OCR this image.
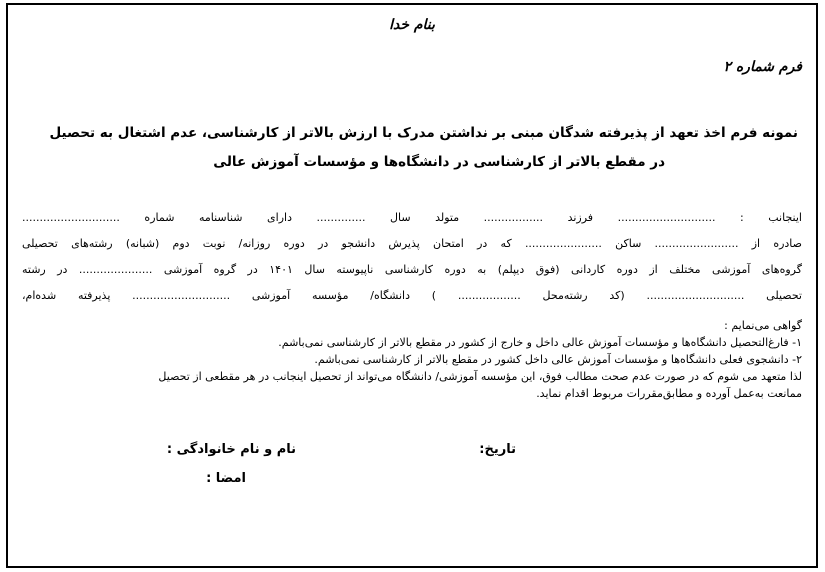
بنام خدا
فرم شماره ۲
نمونه فرم اخذ تعهد از پذیرفته شدگان مبنی بر نداشتن مدرک با ارزش بالاتر از کارشناسی، عدم اشتغال به تحصیل
در مقطع بالاتر از کارشناسی در دانشگاه‌ها و مؤسسات آموزش عالی
اینجانب : ............................ فرزند ................. متولد سال .............. دارای شناسنامه شماره ............................
صادره از ........................ ساکن ...................... که در امتحان پذیرش دانشجو در دوره روزانه/ نوبت دوم (شبانه) رشته‌های تحصیلی
گروه‌های آموزشی مختلف از دوره کاردانی (فوق دیپلم) به دوره کارشناسی ناپیوسته سال ۱۴۰۱ در گروه آموزشی ..................... در رشته
تحصیلی ............................ (کد رشته‌محل .................. ) دانشگاه/ مؤسسه آموزشی ............................ پذیرفته شده‌ام،
گواهی می‌نمایم :
۱- فارغ‌التحصیل دانشگاه‌ها و مؤسسات آموزش عالی داخل و خارج از کشور در مقطع بالاتر از کارشناسی نمی‌باشم.
۲- دانشجوی فعلی دانشگاه‌ها و مؤسسات آموزش عالی داخل کشور در مقطع بالاتر از کارشناسی نمی‌باشم.
لذا متعهد می شوم که در صورت عدم صحت مطالب فوق، این مؤسسه آموزشی/ دانشگاه می‌تواند از تحصیل اینجانب در هر مقطعی از تحصیل
ممانعت به‌عمل آورده و مطابق‌مقررات مربوط اقدام نماید.
نام و نام خانوادگی :	تاریخ:
امضا :
